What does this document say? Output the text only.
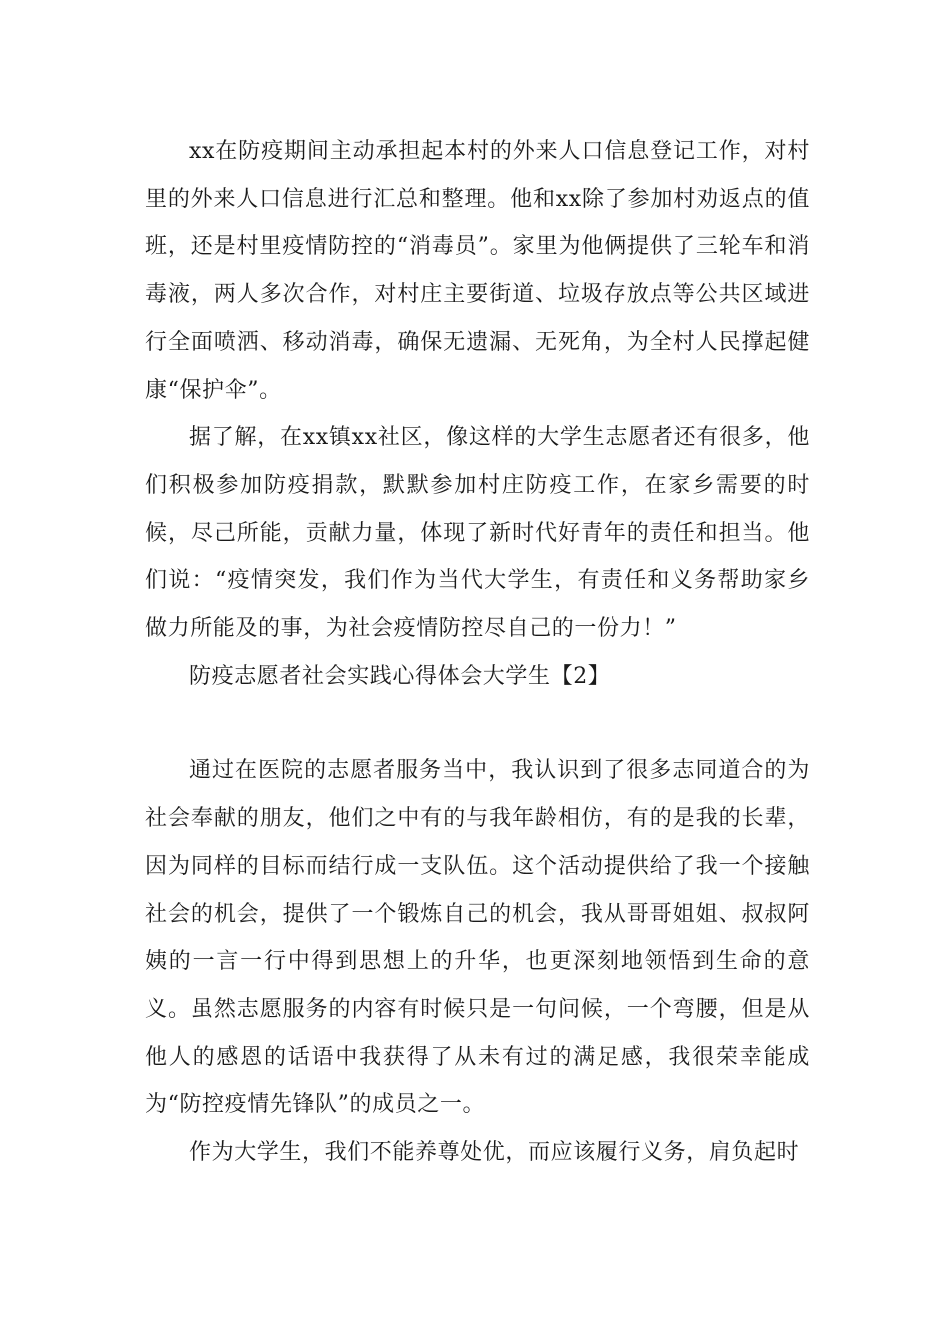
xx在防疫期间主动承担起本村的外来人口信息登记工作，对村里的外来人口信息进行汇总和整理。他和xx除了参加村劝返点的值班，还是村里疫情防控的“消毒员”。家里为他俩提供了三轮车和消毒液，两人多次合作，对村庄主要街道、垃圾存放点等公共区域进行全面喷洒、移动消毒，确保无遗漏、无死角，为全村人民撑起健康“保护伞”。

据了解，在xx镇xx社区，像这样的大学生志愿者还有很多，他们积极参加防疫捐款，默默参加村庄防疫工作，在家乡需要的时候，尽己所能，贡献力量，体现了新时代好青年的责任和担当。他们说：“疫情突发，我们作为当代大学生，有责任和义务帮助家乡做力所能及的事，为社会疫情防控尽自己的一份力！”

防疫志愿者社会实践心得体会大学生【2】

通过在医院的志愿者服务当中，我认识到了很多志同道合的为社会奉献的朋友，他们之中有的与我年龄相仿，有的是我的长辈，因为同样的目标而结行成一支队伍。这个活动提供给了我一个接触社会的机会，提供了一个锻炼自己的机会，我从哥哥姐姐、叔叔阿姨的一言一行中得到思想上的升华，也更深刻地领悟到生命的意义。虽然志愿服务的内容有时候只是一句问候，一个弯腰，但是从他人的感恩的话语中我获得了从未有过的满足感，我很荣幸能成为“防控疫情先锋队”的成员之一。

作为大学生，我们不能养尊处优，而应该履行义务，肩负起时
